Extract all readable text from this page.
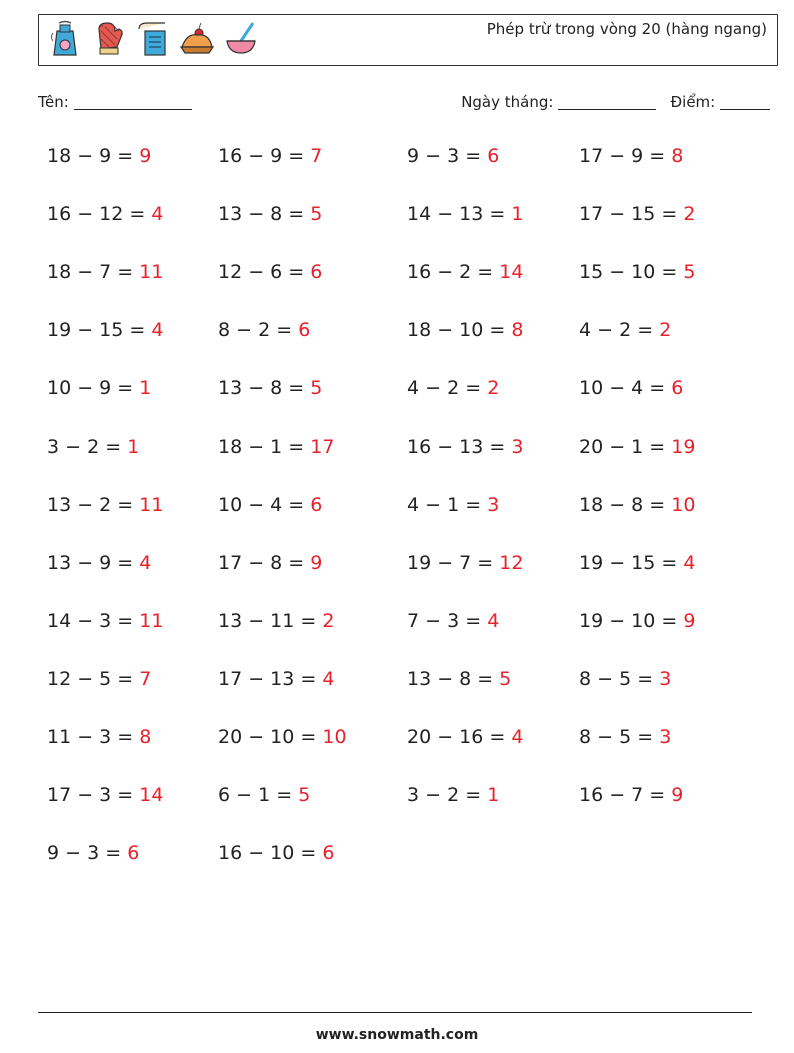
Phép trừ trong vòng 20 (hàng ngang)
Tên:	Ngày tháng:	Điểm:
18 − 9 = 9	16 − 9 = 7	9 − 3 = 6	17 − 9 = 8
16 − 12 = 4	13 − 8 = 5	14 − 13 = 1	17 − 15 = 2
18 − 7 = 11	12 − 6 = 6	16 − 2 = 14	15 − 10 = 5
19 − 15 = 4	8 − 2 = 6	18 − 10 = 8	4 − 2 = 2
10 − 9 = 1	13 − 8 = 5	4 − 2 = 2	10 − 4 = 6
3 − 2 = 1	18 − 1 = 17	16 − 13 = 3	20 − 1 = 19
13 − 2 = 11	10 − 4 = 6	4 − 1 = 3	18 − 8 = 10
13 − 9 = 4	17 − 8 = 9	19 − 7 = 12	19 − 15 = 4
14 − 3 = 11	13 − 11 = 2	7 − 3 = 4	19 − 10 = 9
12 − 5 = 7	17 − 13 = 4	13 − 8 = 5	8 − 5 = 3
11 − 3 = 8	20 − 10 = 10	20 − 16 = 4	8 − 5 = 3
17 − 3 = 14	6 − 1 = 5	3 − 2 = 1	16 − 7 = 9
9 − 3 = 6	16 − 10 = 6
www.snowmath.com
